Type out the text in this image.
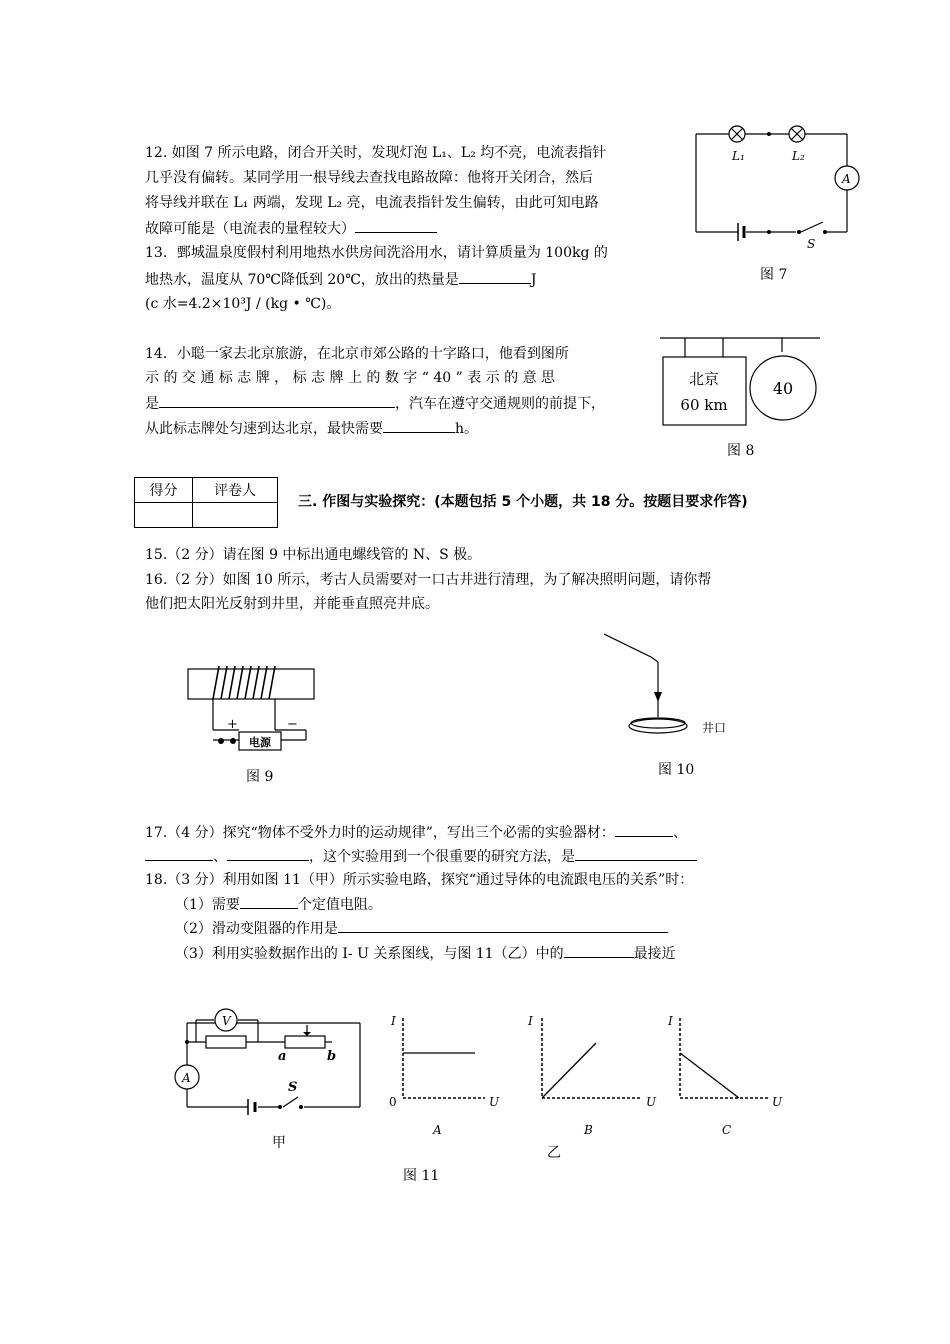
12. 如图 7 所示电路，闭合开关时，发现灯泡 L₁、L₂ 均不亮，电流表指针
几乎没有偏转。某同学用一根导线去查找电路故障：他将开关闭合，然后
将导线并联在 L₁ 两端，发现 L₂ 亮，电流表指针发生偏转，由此可知电路
故障可能是（电流表的量程较大）
13．鄄城温泉度假村利用地热水供房间洗浴用水，请计算质量为 100kg 的
地热水，温度从 70℃降低到 20℃，放出的热量是	J
(c 水=4.2×10³J / (kg • ℃)。
14．小聪一家去北京旅游，在北京市郊公路的十字路口，他看到图所
示 的 交 通 标 志 牌 ， 标 志 牌 上 的 数 字 “ 40 ” 表 示 的 意 思
是	，汽车在遵守交通规则的前提下，
从此标志牌处匀速到达北京，最快需要	h。
L₁	L₂
A
S
图 7
北京
60 km
40
图 8
得分	评卷人

三. 作图与实验探究：(本题包括 5 个小题，共 18 分。按题目要求作答)
15.（2 分）请在图 9 中标出通电螺线管的 N、S 极。
16.（2 分）如图 10 所示，考古人员需要对一口古井进行清理，为了解决照明问题，请你帮
他们把太阳光反射到井里，并能垂直照亮井底。
+	−
电源
图 9
井口
图 10
17.（4 分）探究“物体不受外力时的运动规律”，写出三个必需的实验器材：	、
、	，这个实验用到一个很重要的研究方法，是
18.（3 分）利用如图 11（甲）所示实验电路，探究“通过导体的电流跟电压的关系”时：
（1）需要	个定值电阻。
（2）滑动变阻器的作用是
（3）利用实验数据作出的 I- U 关系图线，与图 11（乙）中的	最接近
V
A
a	b
S
甲
I
U
0
A
I
U
B
I
U
C
乙
图 11
